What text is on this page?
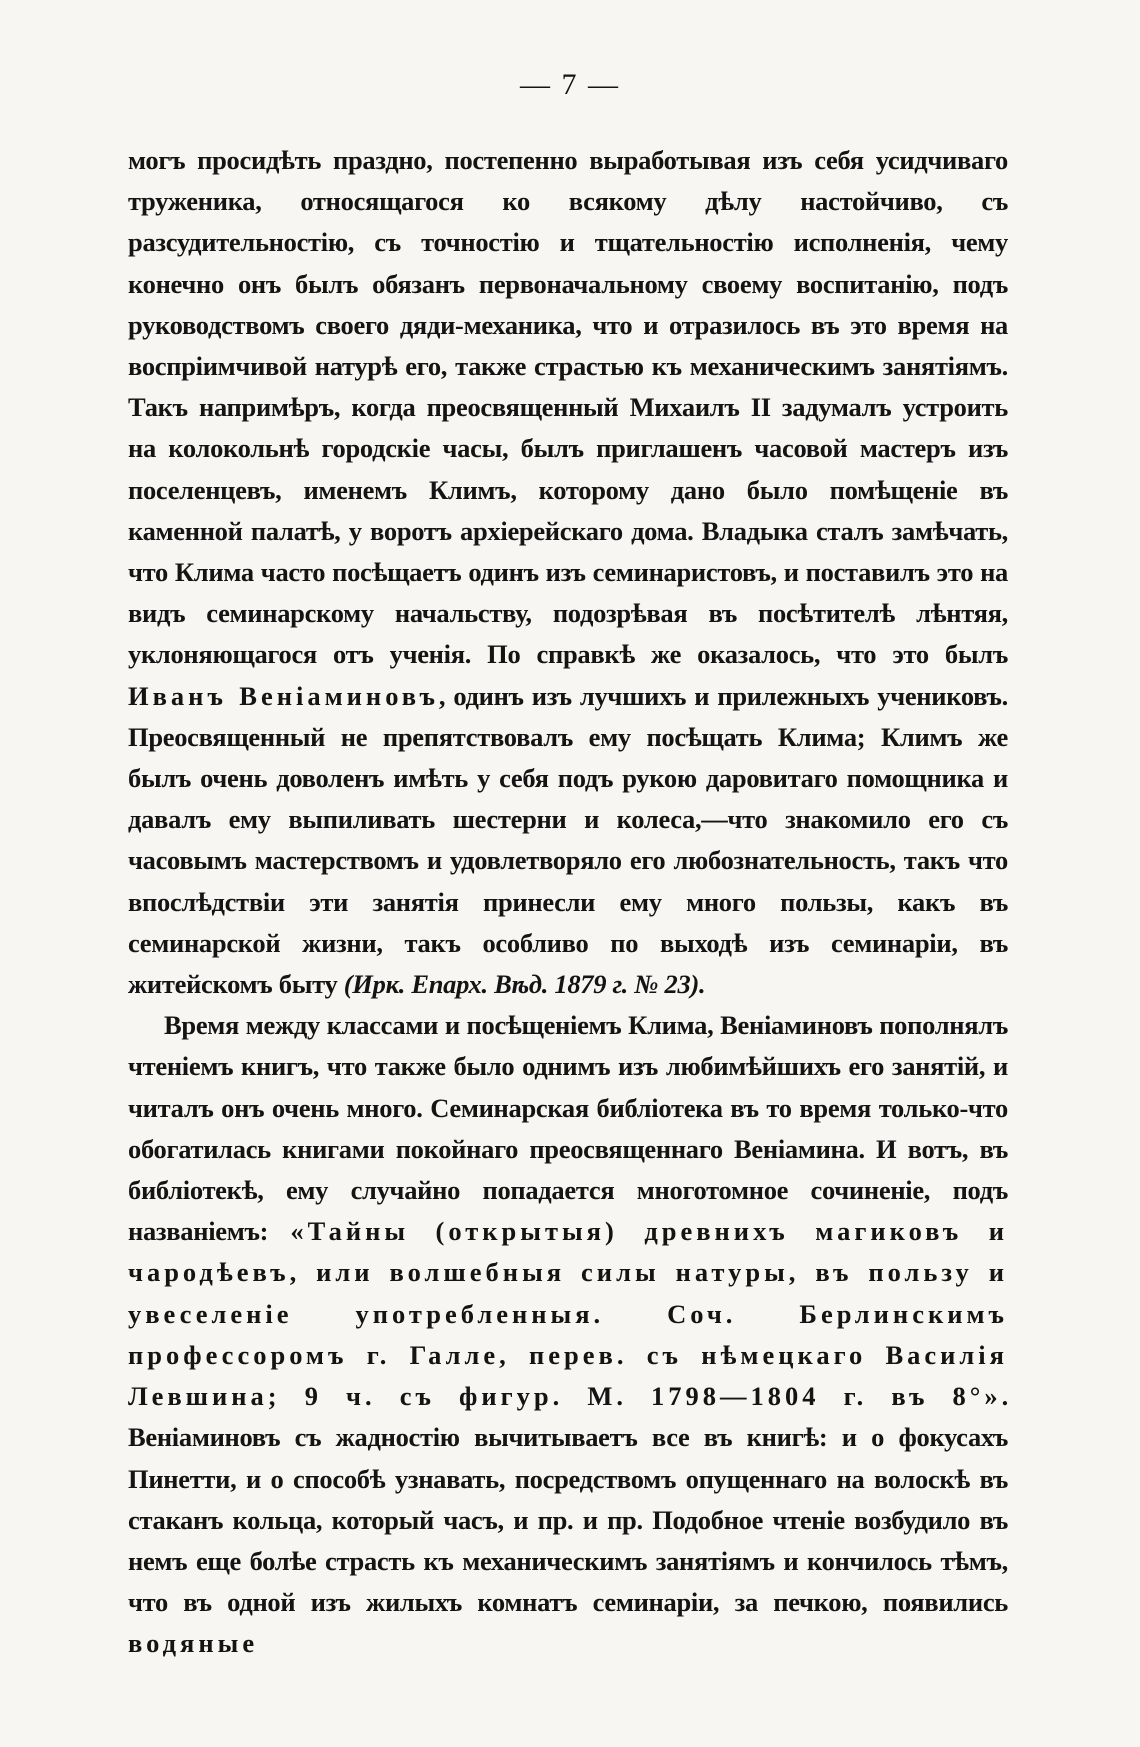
— 7 —

могъ просидѣть праздно, постепенно выработывая изъ себя усидчиваго труженика, относящагося ко всякому дѣлу настойчиво, съ разсудительностію, съ точностію и тщательностію исполненія, чему конечно онъ былъ обязанъ первоначальному своему воспитанію, подъ руководствомъ своего дяди-механика, что и отразилось въ это время на воспріимчивой натурѣ его, также страстью къ механическимъ занятіямъ. Такъ напримѣръ, когда преосвященный Михаилъ II задумалъ устроить на колокольнѣ городскіе часы, былъ приглашенъ часовой мастеръ изъ поселенцевъ, именемъ Климъ, которому дано было помѣщеніе въ каменной палатѣ, у воротъ архіерейскаго дома. Владыка сталъ замѣчать, что Клима часто посѣщаетъ одинъ изъ семинаристовъ, и поставилъ это на видъ семинарскому начальству, подозрѣвая въ посѣтителѣ лѣнтяя, уклоняющагося отъ ученія. По справкѣ же оказалось, что это былъ Иванъ Веніаминовъ, одинъ изъ лучшихъ и прилежныхъ учениковъ. Преосвященный не препятствовалъ ему посѣщать Клима; Климъ же былъ очень доволенъ имѣть у себя подъ рукою даровитаго помощника и давалъ ему выпиливать шестерни и колеса,—что знакомило его съ часовымъ мастерствомъ и удовлетворяло его любознательность, такъ что впослѣдствіи эти занятія принесли ему много пользы, какъ въ семинарской жизни, такъ особливо по выходѣ изъ семинаріи, въ житейскомъ быту (Ирк. Епарх. Вѣд. 1879 г. № 23).

Время между классами и посѣщеніемъ Клима, Веніаминовъ пополнялъ чтеніемъ книгъ, что также было однимъ изъ любимѣйшихъ его занятій, и читалъ онъ очень много. Семинарская библіотека въ то время только-что обогатилась книгами покойнаго преосвященнаго Веніамина. И вотъ, въ библіотекѣ, ему случайно попадается многотомное сочиненіе, подъ названіемъ: «Тайны (открытыя) древнихъ магиковъ и чародѣевъ, или волшебныя силы натуры, въ пользу и увеселеніе употребленныя. Соч. Берлинскимъ профессоромъ г. Галле, перев. съ нѣмецкаго Василія Левшина; 9 ч. съ фигур. М. 1798—1804 г. въ 8°». Веніаминовъ съ жадностію вычитываетъ все въ книгѣ: и о фокусахъ Пинетти, и о способѣ узнавать, посредствомъ опущеннаго на волоскѣ въ стаканъ кольца, который часъ, и пр. и пр. Подобное чтеніе возбудило въ немъ еще болѣе страсть къ механическимъ занятіямъ и кончилось тѣмъ, что въ одной изъ жилыхъ комнатъ семинаріи, за печкою, появились водяные
